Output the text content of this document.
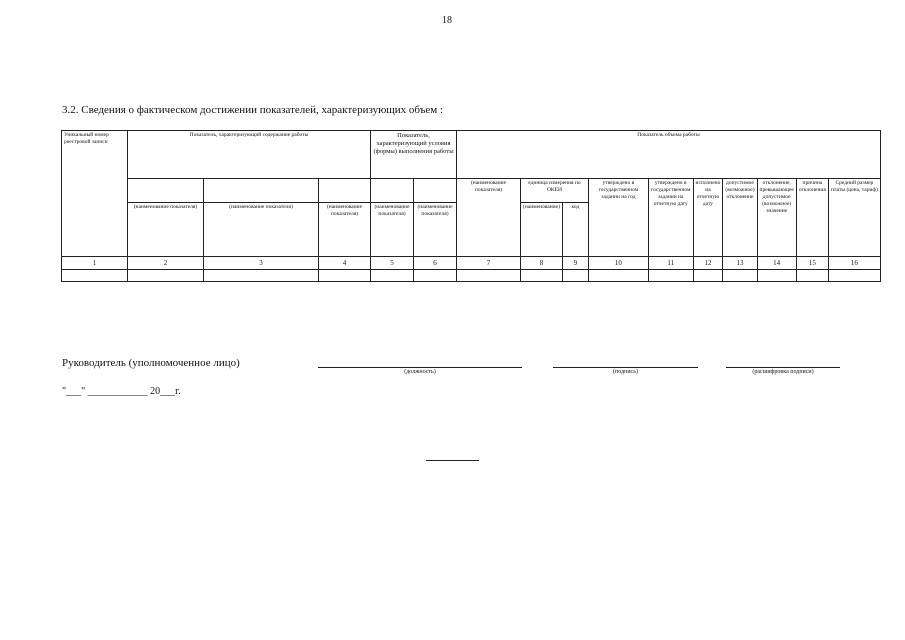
18
3.2. Сведения о фактическом достижении показателей, характеризующих объем :
Уникальный номер реестровой записи	Показатель, характеризующий содержание работы			Показатель, характеризующий условия (формы) выполнения работы		Показатель объема работы									
						(наименование показателя)	единица измерения по ОКЕИ		утверждено в государственном задании на год	утверждено в государственном задании на отчетную дату	исполнено на отчетную дату	допустимое (возможное) отклонение	отклонение, превышающее допустимое (возможное) значение	причина отклонения	Средний размер платы (цена, тариф)
	(наименование показателя)	(наименование показателя)	(наименование показателя)	(наименование показателя)	(наименование показателя)		(наименование)	код							
1	2	3	4	5	6	7	8	9	10	11	12	13	14	15	16

Руководитель (уполномоченное лицо)
(должность)	(подпись)	(расшифровка подписи)
"___" ____________ 20___г.
